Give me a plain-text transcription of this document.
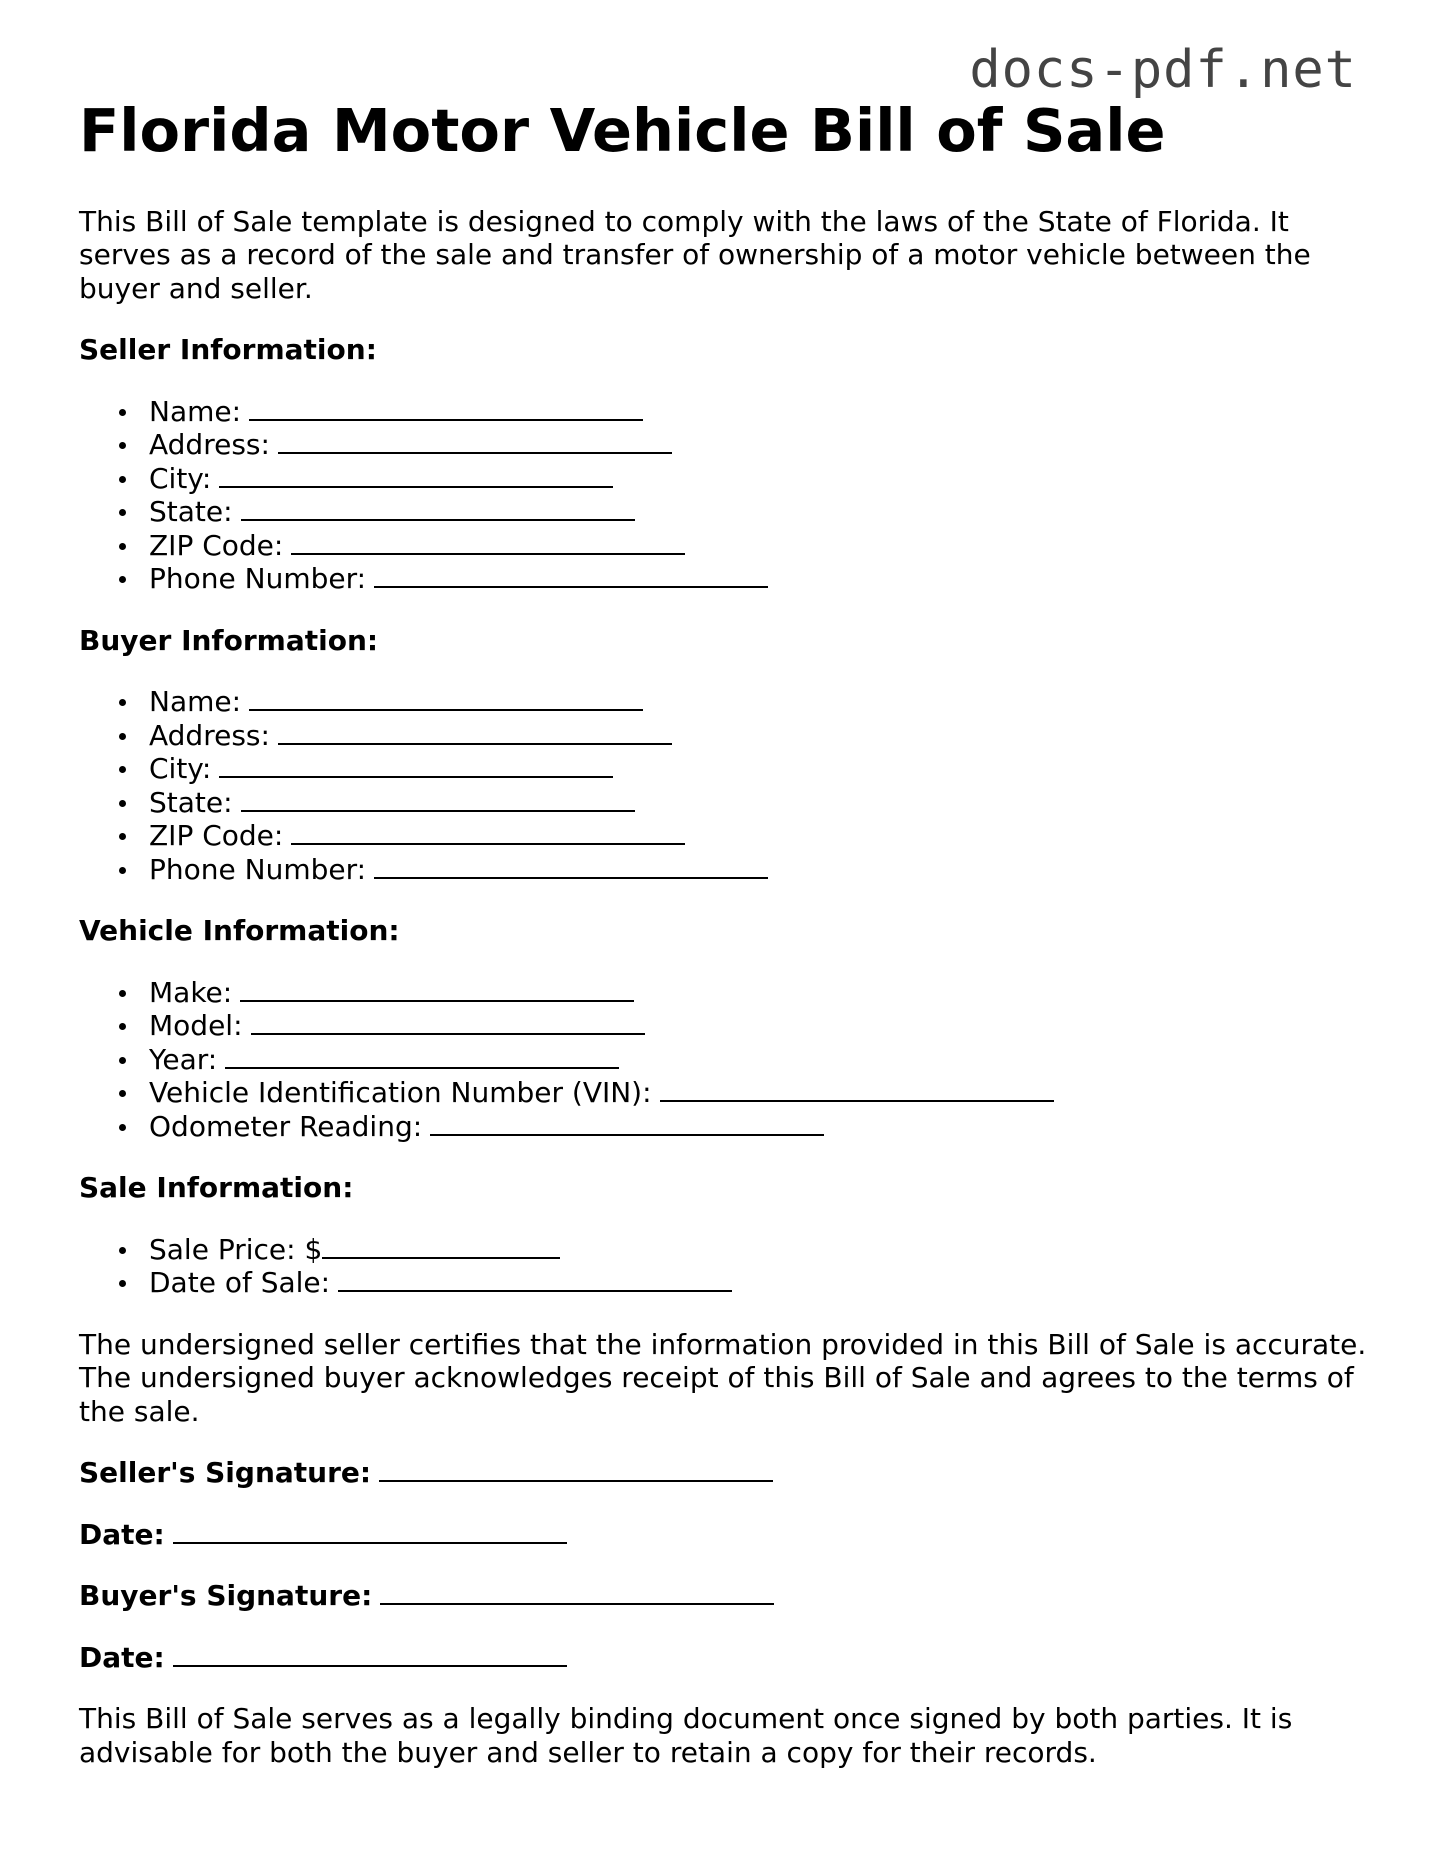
docs-pdf.net
Florida Motor Vehicle Bill of Sale

This Bill of Sale template is designed to comply with the laws of the State of Florida. It serves as a record of the sale and transfer of ownership of a motor vehicle between the buyer and seller.

Seller Information:
Name:
Address:
City:
State:
ZIP Code:
Phone Number:
Buyer Information:
Name:
Address:
City:
State:
ZIP Code:
Phone Number:
Vehicle Information:
Make:
Model:
Year:
Vehicle Identification Number (VIN):
Odometer Reading:
Sale Information:
Sale Price: $
Date of Sale:

The undersigned seller certifies that the information provided in this Bill of Sale is accurate. The undersigned buyer acknowledges receipt of this Bill of Sale and agrees to the terms of the sale.

Seller's Signature:
Date:
Buyer's Signature:
Date:

This Bill of Sale serves as a legally binding document once signed by both parties. It is advisable for both the buyer and seller to retain a copy for their records.
